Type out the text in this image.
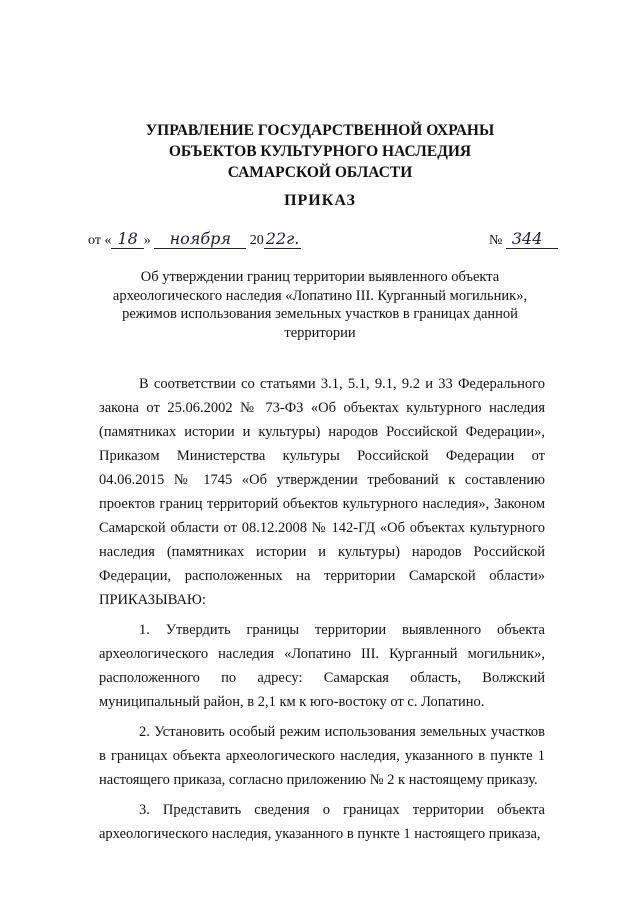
УПРАВЛЕНИЕ ГОСУДАРСТВЕННОЙ ОХРАНЫ
ОБЪЕКТОВ КУЛЬТУРНОГО НАСЛЕДИЯ
САМАРСКОЙ ОБЛАСТИ
ПРИКАЗ
от « 18 » ноября 20 22г.	№ 344
Об утверждении границ территории выявленного объекта
археологического наследия «Лопатино III. Курганный могильник»,
режимов использования земельных участков в границах данной
территории

В соответствии со статьями 3.1, 5.1, 9.1, 9.2 и 33 Федерального закона от 25.06.2002 № 73-ФЗ «Об объектах культурного наследия (памятниках истории и культуры) народов Российской Федерации», Приказом Министерства культуры Российской Федерации от 04.06.2015 № 1745 «Об утверждении требований к составлению проектов границ территорий объектов культурного наследия», Законом Самарской области от 08.12.2008 № 142-ГД «Об объектах культурного наследия (памятниках истории и культуры) народов Российской Федерации, расположенных на территории Самарской области» ПРИКАЗЫВАЮ:

1. Утвердить границы территории выявленного объекта археологического наследия «Лопатино III. Курганный могильник», расположенного по адресу: Самарская область, Волжский муниципальный район, в 2,1 км к юго-востоку от с. Лопатино.

2. Установить особый режим использования земельных участков в границах объекта археологического наследия, указанного в пункте 1 настоящего приказа, согласно приложению № 2 к настоящему приказу.

3. Представить сведения о границах территории объекта археологического наследия, указанного в пункте 1 настоящего приказа,
